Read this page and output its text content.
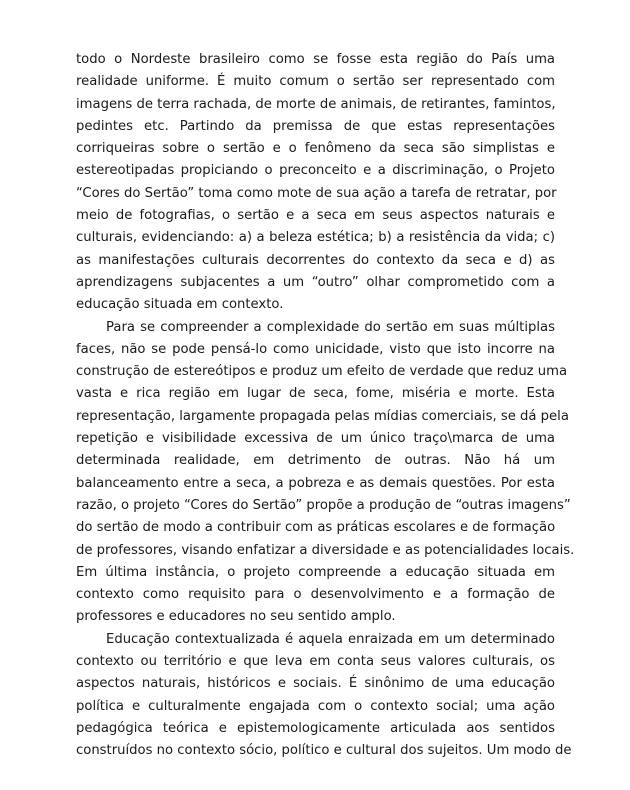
todo o Nordeste brasileiro como se fosse esta região do País uma
realidade uniforme. É muito comum o sertão ser representado com
imagens de terra rachada, de morte de animais, de retirantes, famintos,
pedintes etc. Partindo da premissa de que estas representações
corriqueiras sobre o sertão e o fenômeno da seca são simplistas e
estereotipadas propiciando o preconceito e a discriminação, o Projeto
“Cores do Sertão” toma como mote de sua ação a tarefa de retratar, por
meio de fotografias, o sertão e a seca em seus aspectos naturais e
culturais, evidenciando: a) a beleza estética; b) a resistência da vida; c)
as manifestações culturais decorrentes do contexto da seca e d) as
aprendizagens subjacentes a um “outro” olhar comprometido com a
educação situada em contexto.

Para se compreender a complexidade do sertão em suas múltiplas
faces, não se pode pensá-lo como unicidade, visto que isto incorre na
construção de estereótipos e produz um efeito de verdade que reduz uma
vasta e rica região em lugar de seca, fome, miséria e morte. Esta
representação, largamente propagada pelas mídias comerciais, se dá pela
repetição e visibilidade excessiva de um único traço\marca de uma
determinada realidade, em detrimento de outras. Não há um
balanceamento entre a seca, a pobreza e as demais questões. Por esta
razão, o projeto “Cores do Sertão” propõe a produção de “outras imagens”
do sertão de modo a contribuir com as práticas escolares e de formação
de professores, visando enfatizar a diversidade e as potencialidades locais.
Em última instância, o projeto compreende a educação situada em
contexto como requisito para o desenvolvimento e a formação de
professores e educadores no seu sentido amplo.

Educação contextualizada é aquela enraizada em um determinado
contexto ou território e que leva em conta seus valores culturais, os
aspectos naturais, históricos e sociais. É sinônimo de uma educação
política e culturalmente engajada com o contexto social; uma ação
pedagógica teórica e epistemologicamente articulada aos sentidos
construídos no contexto sócio, político e cultural dos sujeitos. Um modo de
